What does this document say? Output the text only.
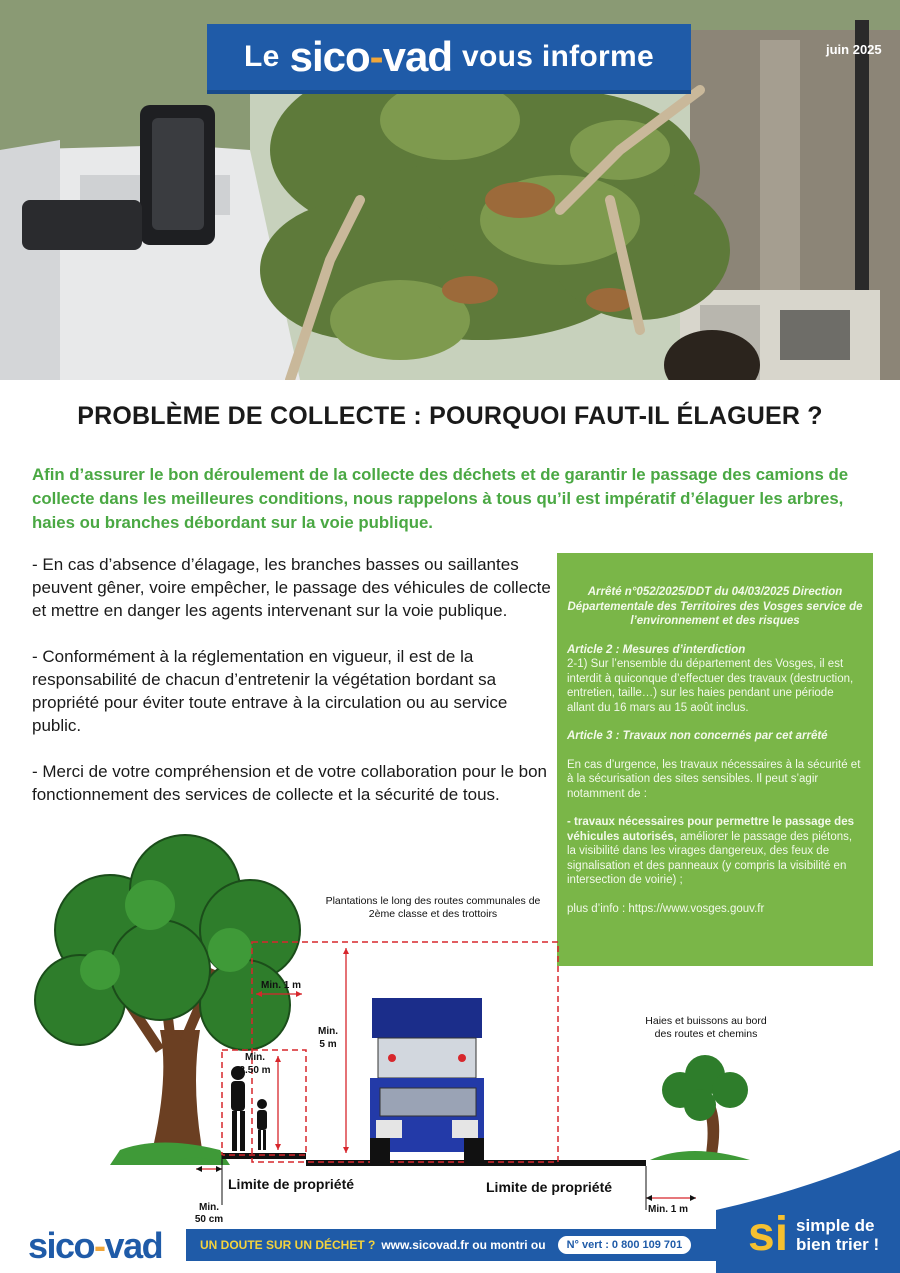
Le sico-vad vous informe	juin 2025
PROBLÈME DE COLLECTE : POURQUOI FAUT-IL ÉLAGUER ?

Afin d’assurer le bon déroulement de la collecte des déchets et de garantir le passage des camions de collecte dans les meilleures conditions, nous rappelons à tous qu’il est impératif d’élaguer les arbres, haies ou branches débordant sur la voie publique.

- En cas d’absence d’élagage, les branches basses ou saillantes peuvent gêner, voire empêcher, le passage des véhicules de collecte et mettre en danger les agents intervenant sur la voie publique.

- Conformément à la réglementation en vigueur, il est de la responsabilité de chacun d’entretenir la végétation bordant sa propriété pour éviter toute entrave à la circulation ou au service public.

- Merci de votre compréhension et de votre collaboration pour le bon fonctionnement des services de collecte et la sécurité de tous.

Arrêté n°052/2025/DDT du 04/03/2025 Direction Départementale des Territoires des Vosges service de l’environnement et des risques
Article 2 : Mesures d’interdiction
2-1) Sur l’ensemble du département des Vosges, il est interdit à quiconque d’effectuer des travaux (destruction, entretien, taille…) sur les haies pendant une période allant du 16 mars au 15 août inclus.
Article 3 : Travaux non concernés par cet arrêté
En cas d’urgence, les travaux nécessaires à la sécurité et à la sécurisation des sites sensibles. Il peut s’agir notamment de :
- travaux nécessaires pour permettre le passage des véhicules autorisés, améliorer le passage des piétons, la visibilité dans les virages dangereux, des feux de signalisation et des panneaux (y compris la visibilité en intersection de voirie) ;
plus d’info : https://www.vosges.gouv.fr
Plantations le long des routes communales de
2ème classe et des trottoirs
Haies et buissons au bord
des routes et chemins
Min. 1 m
Min.
5 m
Min.
2.50 m
Min.
50 cm
Min. 1 m
Limite de propriété	Limite de propriété
sico-vad	UN DOUTE SUR UN DÉCHET ? www.sicovad.fr ou montri ou	N° vert : 0 800 109 701 si simple de
bien trier !
